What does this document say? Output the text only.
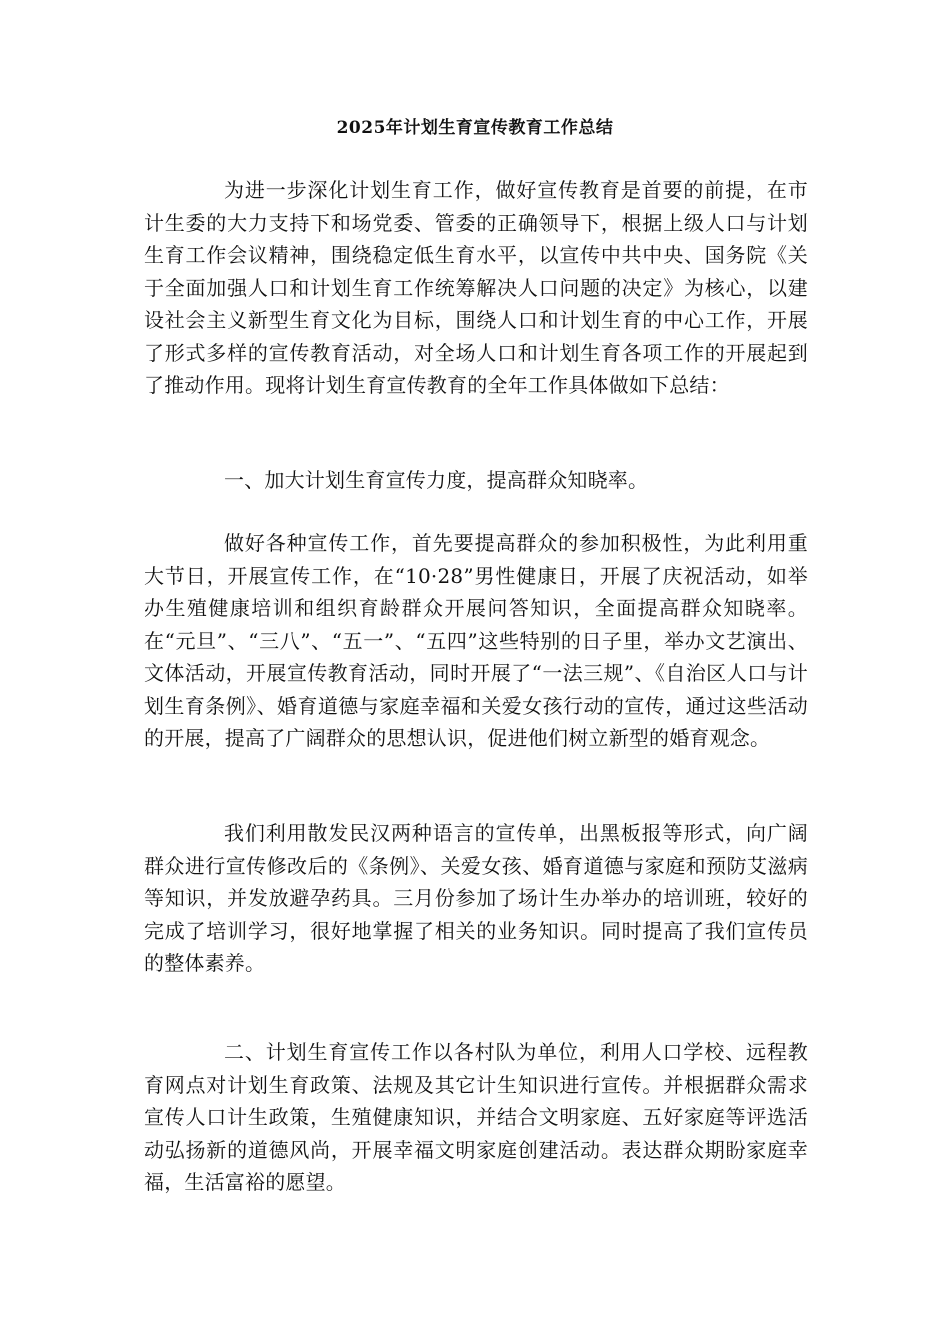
2025年计划生育宣传教育工作总结

为进一步深化计划生育工作，做好宣传教育是首要的前提，在市计生委的大力支持下和场党委、管委的正确领导下，根据上级人口与计划生育工作会议精神，围绕稳定低生育水平，以宣传中共中央、国务院《关于全面加强人口和计划生育工作统筹解决人口问题的决定》为核心，以建设社会主义新型生育文化为目标，围绕人口和计划生育的中心工作，开展了形式多样的宣传教育活动，对全场人口和计划生育各项工作的开展起到了推动作用。现将计划生育宣传教育的全年工作具体做如下总结：

一、加大计划生育宣传力度，提高群众知晓率。

做好各种宣传工作，首先要提高群众的参加积极性，为此利用重大节日，开展宣传工作，在“10·28”男性健康日，开展了庆祝活动，如举办生殖健康培训和组织育龄群众开展问答知识，全面提高群众知晓率。在“元旦”、“三八”、“五一”、“五四”这些特别的日子里，举办文艺演出、文体活动，开展宣传教育活动，同时开展了“一法三规”、《自治区人口与计划生育条例》、婚育道德与家庭幸福和关爱女孩行动的宣传，通过这些活动的开展，提高了广阔群众的思想认识，促进他们树立新型的婚育观念。

我们利用散发民汉两种语言的宣传单，出黑板报等形式，向广阔群众进行宣传修改后的《条例》、关爱女孩、婚育道德与家庭和预防艾滋病等知识，并发放避孕药具。三月份参加了场计生办举办的培训班，较好的完成了培训学习，很好地掌握了相关的业务知识。同时提高了我们宣传员的整体素养。

二、计划生育宣传工作以各村队为单位，利用人口学校、远程教育网点对计划生育政策、法规及其它计生知识进行宣传。并根据群众需求宣传人口计生政策，生殖健康知识，并结合文明家庭、五好家庭等评选活动弘扬新的道德风尚，开展幸福文明家庭创建活动。表达群众期盼家庭幸福，生活富裕的愿望。
